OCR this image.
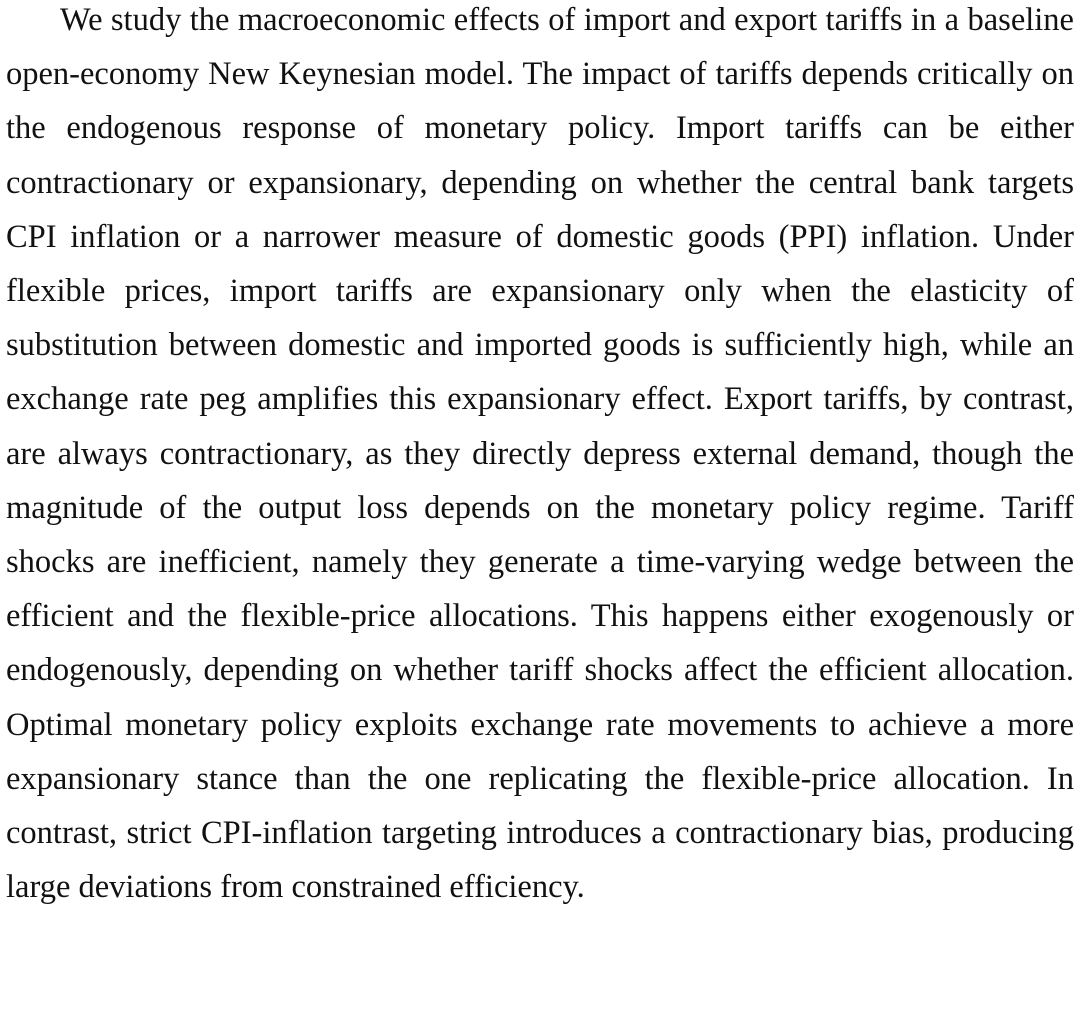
We study the macroeconomic effects of import and export tariffs in a baseline open-economy New Keynesian model. The impact of tariffs depends critically on the endogenous response of monetary policy. Import tariffs can be either contractionary or expansionary, depending on whether the central bank targets CPI inflation or a narrower measure of domestic goods (PPI) inflation. Under flexible prices, import tariffs are expansionary only when the elasticity of substitution between domestic and imported goods is sufficiently high, while an exchange rate peg amplifies this expansionary effect. Export tariffs, by contrast, are always contractionary, as they directly depress external demand, though the magnitude of the output loss depends on the monetary policy regime. Tariff shocks are inefficient, namely they generate a time-varying wedge between the efficient and the flexible-price allocations. This happens either exogenously or endogenously, depending on whether tariff shocks affect the efficient allocation. Optimal monetary policy exploits exchange rate movements to achieve a more expansionary stance than the one replicating the flexible-price allocation. In contrast, strict CPI-inflation targeting introduces a contractionary bias, producing large deviations from constrained efficiency.
